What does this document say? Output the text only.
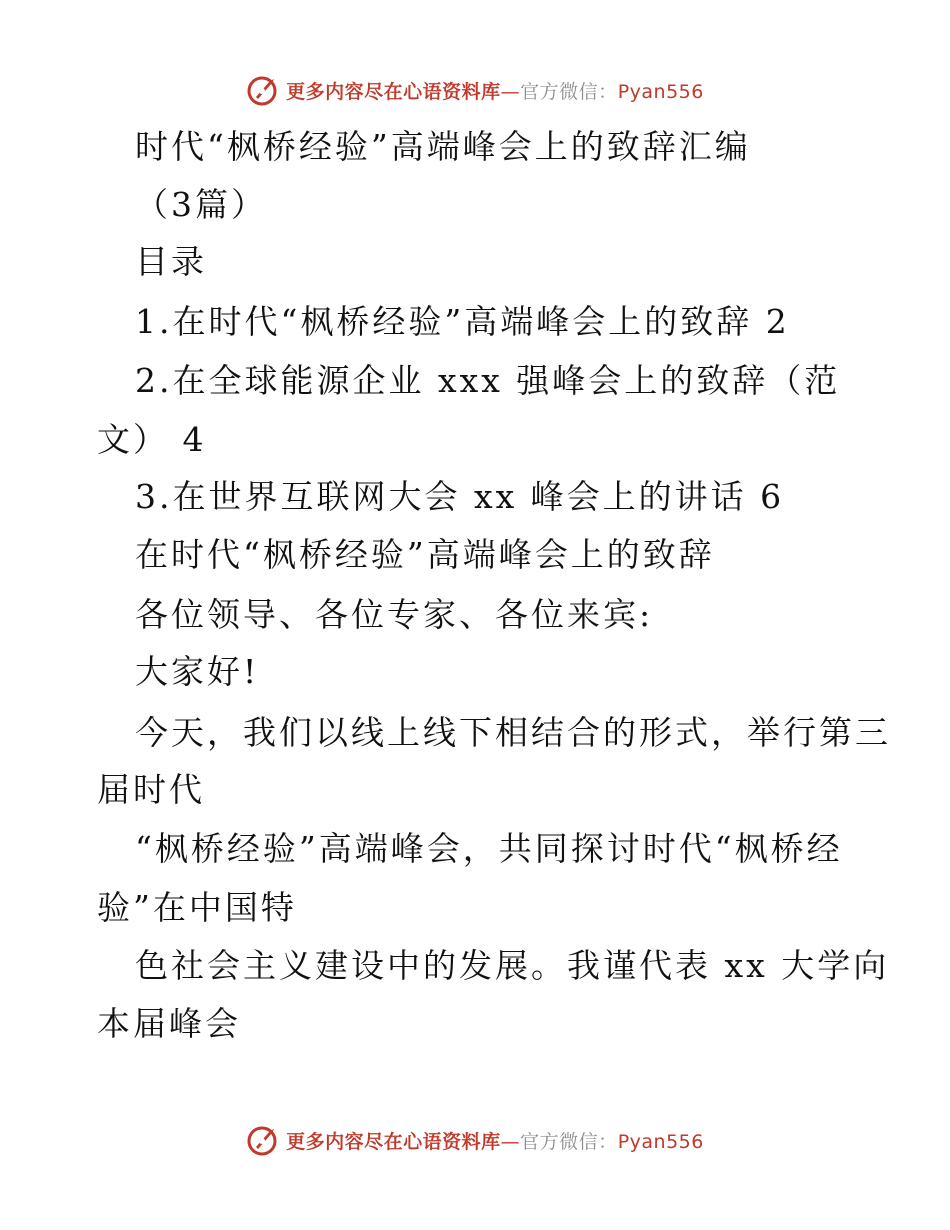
更多内容尽在心语资料库—官方微信：Pyan556
时代“枫桥经验”高端峰会上的致辞汇编
（3篇）
目录
1.在时代“枫桥经验”高端峰会上的致辞 2
2.在全球能源企业 xxx 强峰会上的致辞（范
文） 4
3.在世界互联网大会 xx 峰会上的讲话 6
在时代“枫桥经验”高端峰会上的致辞
各位领导、各位专家、各位来宾:
大家好!
今天，我们以线上线下相结合的形式，举行第三
届时代
“枫桥经验”高端峰会，共同探讨时代“枫桥经
验”在中国特
色社会主义建设中的发展。我谨代表 xx 大学向
本届峰会
更多内容尽在心语资料库—官方微信：Pyan556
